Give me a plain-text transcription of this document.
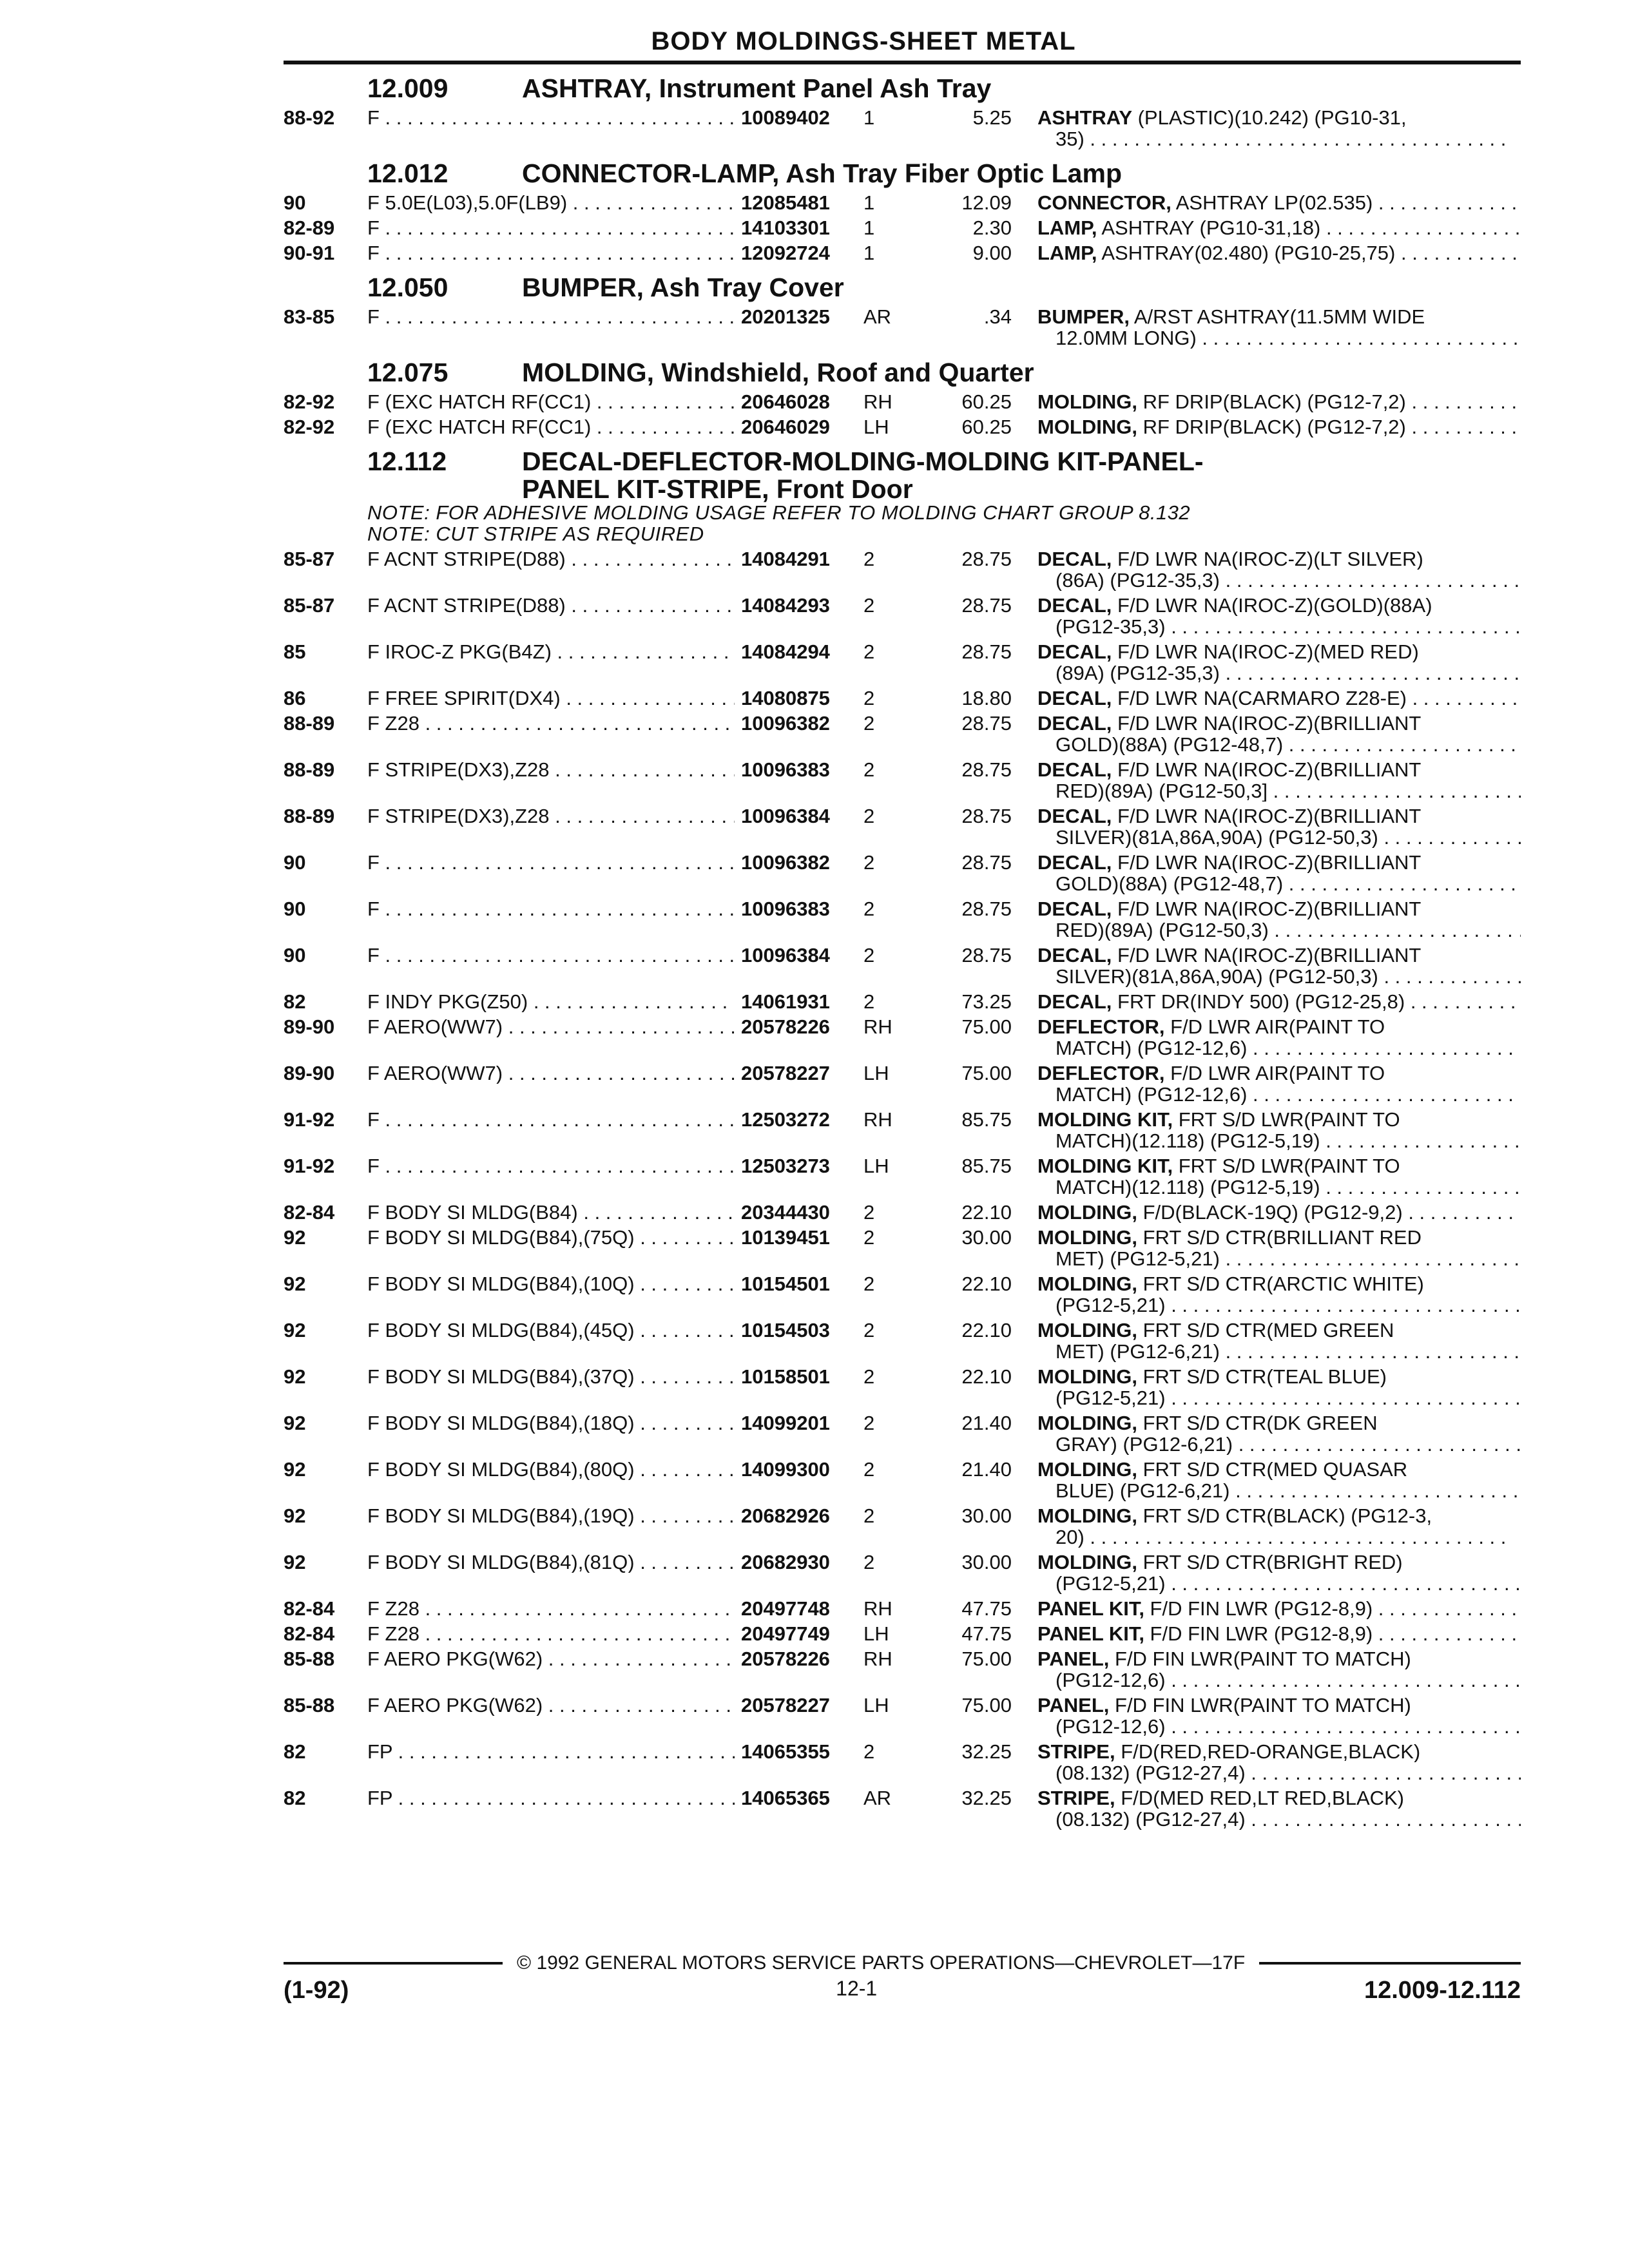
BODY MOLDINGS-SHEET METAL
12.009	ASHTRAY, Instrument Panel Ash Tray
88-92	F . . .	10089402	1	5.25 ASHTRAY (PLASTIC)(10.242) (PG10-31,
35) . . .
12.012	CONNECTOR-LAMP, Ash Tray Fiber Optic Lamp
90	F 5.0E(L03),5.0F(LB9) . . .	12085481	1	12.09 CONNECTOR, ASHTRAY LP(02.535) . . .
82-89	F . . .	14103301	1	2.30 LAMP, ASHTRAY (PG10-31,18) . . .
90-91	F . . .	12092724	1	9.00 LAMP, ASHTRAY(02.480) (PG10-25,75) . . .
12.050	BUMPER, Ash Tray Cover
83-85	F . . .	20201325	AR	.34 BUMPER, A/RST ASHTRAY(11.5MM WIDE
12.0MM LONG) . . .
12.075	MOLDING, Windshield, Roof and Quarter
82-92	F (EXC HATCH RF(CC1) . . .	20646028	RH	60.25 MOLDING, RF DRIP(BLACK) (PG12-7,2) . . .
82-92	F (EXC HATCH RF(CC1) . . .	20646029	LH	60.25 MOLDING, RF DRIP(BLACK) (PG12-7,2) . . .
12.112	DECAL-DEFLECTOR-MOLDING-MOLDING KIT-PANEL-
PANEL KIT-STRIPE, Front Door
NOTE: FOR ADHESIVE MOLDING USAGE REFER TO MOLDING CHART GROUP 8.132
NOTE: CUT STRIPE AS REQUIRED
85-87	F ACNT STRIPE(D88) . . .	14084291	2	28.75 DECAL, F/D LWR NA(IROC-Z)(LT SILVER)
(86A) (PG12-35,3) . . .
85-87	F ACNT STRIPE(D88) . . .	14084293	2	28.75 DECAL, F/D LWR NA(IROC-Z)(GOLD)(88A)
(PG12-35,3) . . .
85	F IROC-Z PKG(B4Z) . . .	14084294	2	28.75 DECAL, F/D LWR NA(IROC-Z)(MED RED)
(89A) (PG12-35,3) . . .
86	F FREE SPIRIT(DX4) . . .	14080875	2	18.80 DECAL, F/D LWR NA(CARMARO Z28-E) . . .
88-89	F Z28 . . .	10096382	2	28.75 DECAL, F/D LWR NA(IROC-Z)(BRILLIANT
GOLD)(88A) (PG12-48,7) . . .
88-89	F STRIPE(DX3),Z28 . . .	10096383	2	28.75 DECAL, F/D LWR NA(IROC-Z)(BRILLIANT
RED)(89A) (PG12-50,3] . . .
88-89	F STRIPE(DX3),Z28 . . .	10096384	2	28.75 DECAL, F/D LWR NA(IROC-Z)(BRILLIANT
SILVER)(81A,86A,90A) (PG12-50,3) . . .
90	F . . .	10096382	2	28.75 DECAL, F/D LWR NA(IROC-Z)(BRILLIANT
GOLD)(88A) (PG12-48,7) . . .
90	F . . .	10096383	2	28.75 DECAL, F/D LWR NA(IROC-Z)(BRILLIANT
RED)(89A) (PG12-50,3) . . .
90	F . . .	10096384	2	28.75 DECAL, F/D LWR NA(IROC-Z)(BRILLIANT
SILVER)(81A,86A,90A) (PG12-50,3) . . .
82	F INDY PKG(Z50) . . .	14061931	2	73.25 DECAL, FRT DR(INDY 500) (PG12-25,8) . . .
89-90	F AERO(WW7) . . .	20578226	RH	75.00 DEFLECTOR, F/D LWR AIR(PAINT TO
MATCH) (PG12-12,6) . . .
89-90	F AERO(WW7) . . .	20578227	LH	75.00 DEFLECTOR, F/D LWR AIR(PAINT TO
MATCH) (PG12-12,6) . . .
91-92	F . . .	12503272	RH	85.75 MOLDING KIT, FRT S/D LWR(PAINT TO
MATCH)(12.118) (PG12-5,19) . . .
91-92	F . . .	12503273	LH	85.75 MOLDING KIT, FRT S/D LWR(PAINT TO
MATCH)(12.118) (PG12-5,19) . . .
82-84	F BODY SI MLDG(B84) . . .	20344430	2	22.10 MOLDING, F/D(BLACK-19Q) (PG12-9,2) . . .
92	F BODY SI MLDG(B84),(75Q) . . .	10139451	2	30.00 MOLDING, FRT S/D CTR(BRILLIANT RED
MET) (PG12-5,21) . . .
92	F BODY SI MLDG(B84),(10Q) . . .	10154501	2	22.10 MOLDING, FRT S/D CTR(ARCTIC WHITE)
(PG12-5,21) . . .
92	F BODY SI MLDG(B84),(45Q) . . .	10154503	2	22.10 MOLDING, FRT S/D CTR(MED GREEN
MET) (PG12-6,21) . . .
92	F BODY SI MLDG(B84),(37Q) . . .	10158501	2	22.10 MOLDING, FRT S/D CTR(TEAL BLUE)
(PG12-5,21) . . .
92	F BODY SI MLDG(B84),(18Q) . . .	14099201	2	21.40 MOLDING, FRT S/D CTR(DK GREEN
GRAY) (PG12-6,21) . . .
92	F BODY SI MLDG(B84),(80Q) . . .	14099300	2	21.40 MOLDING, FRT S/D CTR(MED QUASAR
BLUE) (PG12-6,21) . . .
92	F BODY SI MLDG(B84),(19Q) . . .	20682926	2	30.00 MOLDING, FRT S/D CTR(BLACK) (PG12-3,
20) . . .
92	F BODY SI MLDG(B84),(81Q) . . .	20682930	2	30.00 MOLDING, FRT S/D CTR(BRIGHT RED)
(PG12-5,21) . . .
82-84	F Z28 . . .	20497748	RH	47.75 PANEL KIT, F/D FIN LWR (PG12-8,9) . . .
82-84	F Z28 . . .	20497749	LH	47.75 PANEL KIT, F/D FIN LWR (PG12-8,9) . . .
85-88	F AERO PKG(W62) . . .	20578226	RH	75.00 PANEL, F/D FIN LWR(PAINT TO MATCH)
(PG12-12,6) . . .
85-88	F AERO PKG(W62) . . .	20578227	LH	75.00 PANEL, F/D FIN LWR(PAINT TO MATCH)
(PG12-12,6) . . .
82	FP . . .	14065355	2	32.25 STRIPE, F/D(RED,RED-ORANGE,BLACK)
(08.132) (PG12-27,4) . . .
82	FP . . .	14065365	AR	32.25 STRIPE, F/D(MED RED,LT RED,BLACK)
(08.132) (PG12-27,4) . . .
© 1992 GENERAL MOTORS SERVICE PARTS OPERATIONS—CHEVROLET—17F
(1-92)	12-1	12.009-12.112
